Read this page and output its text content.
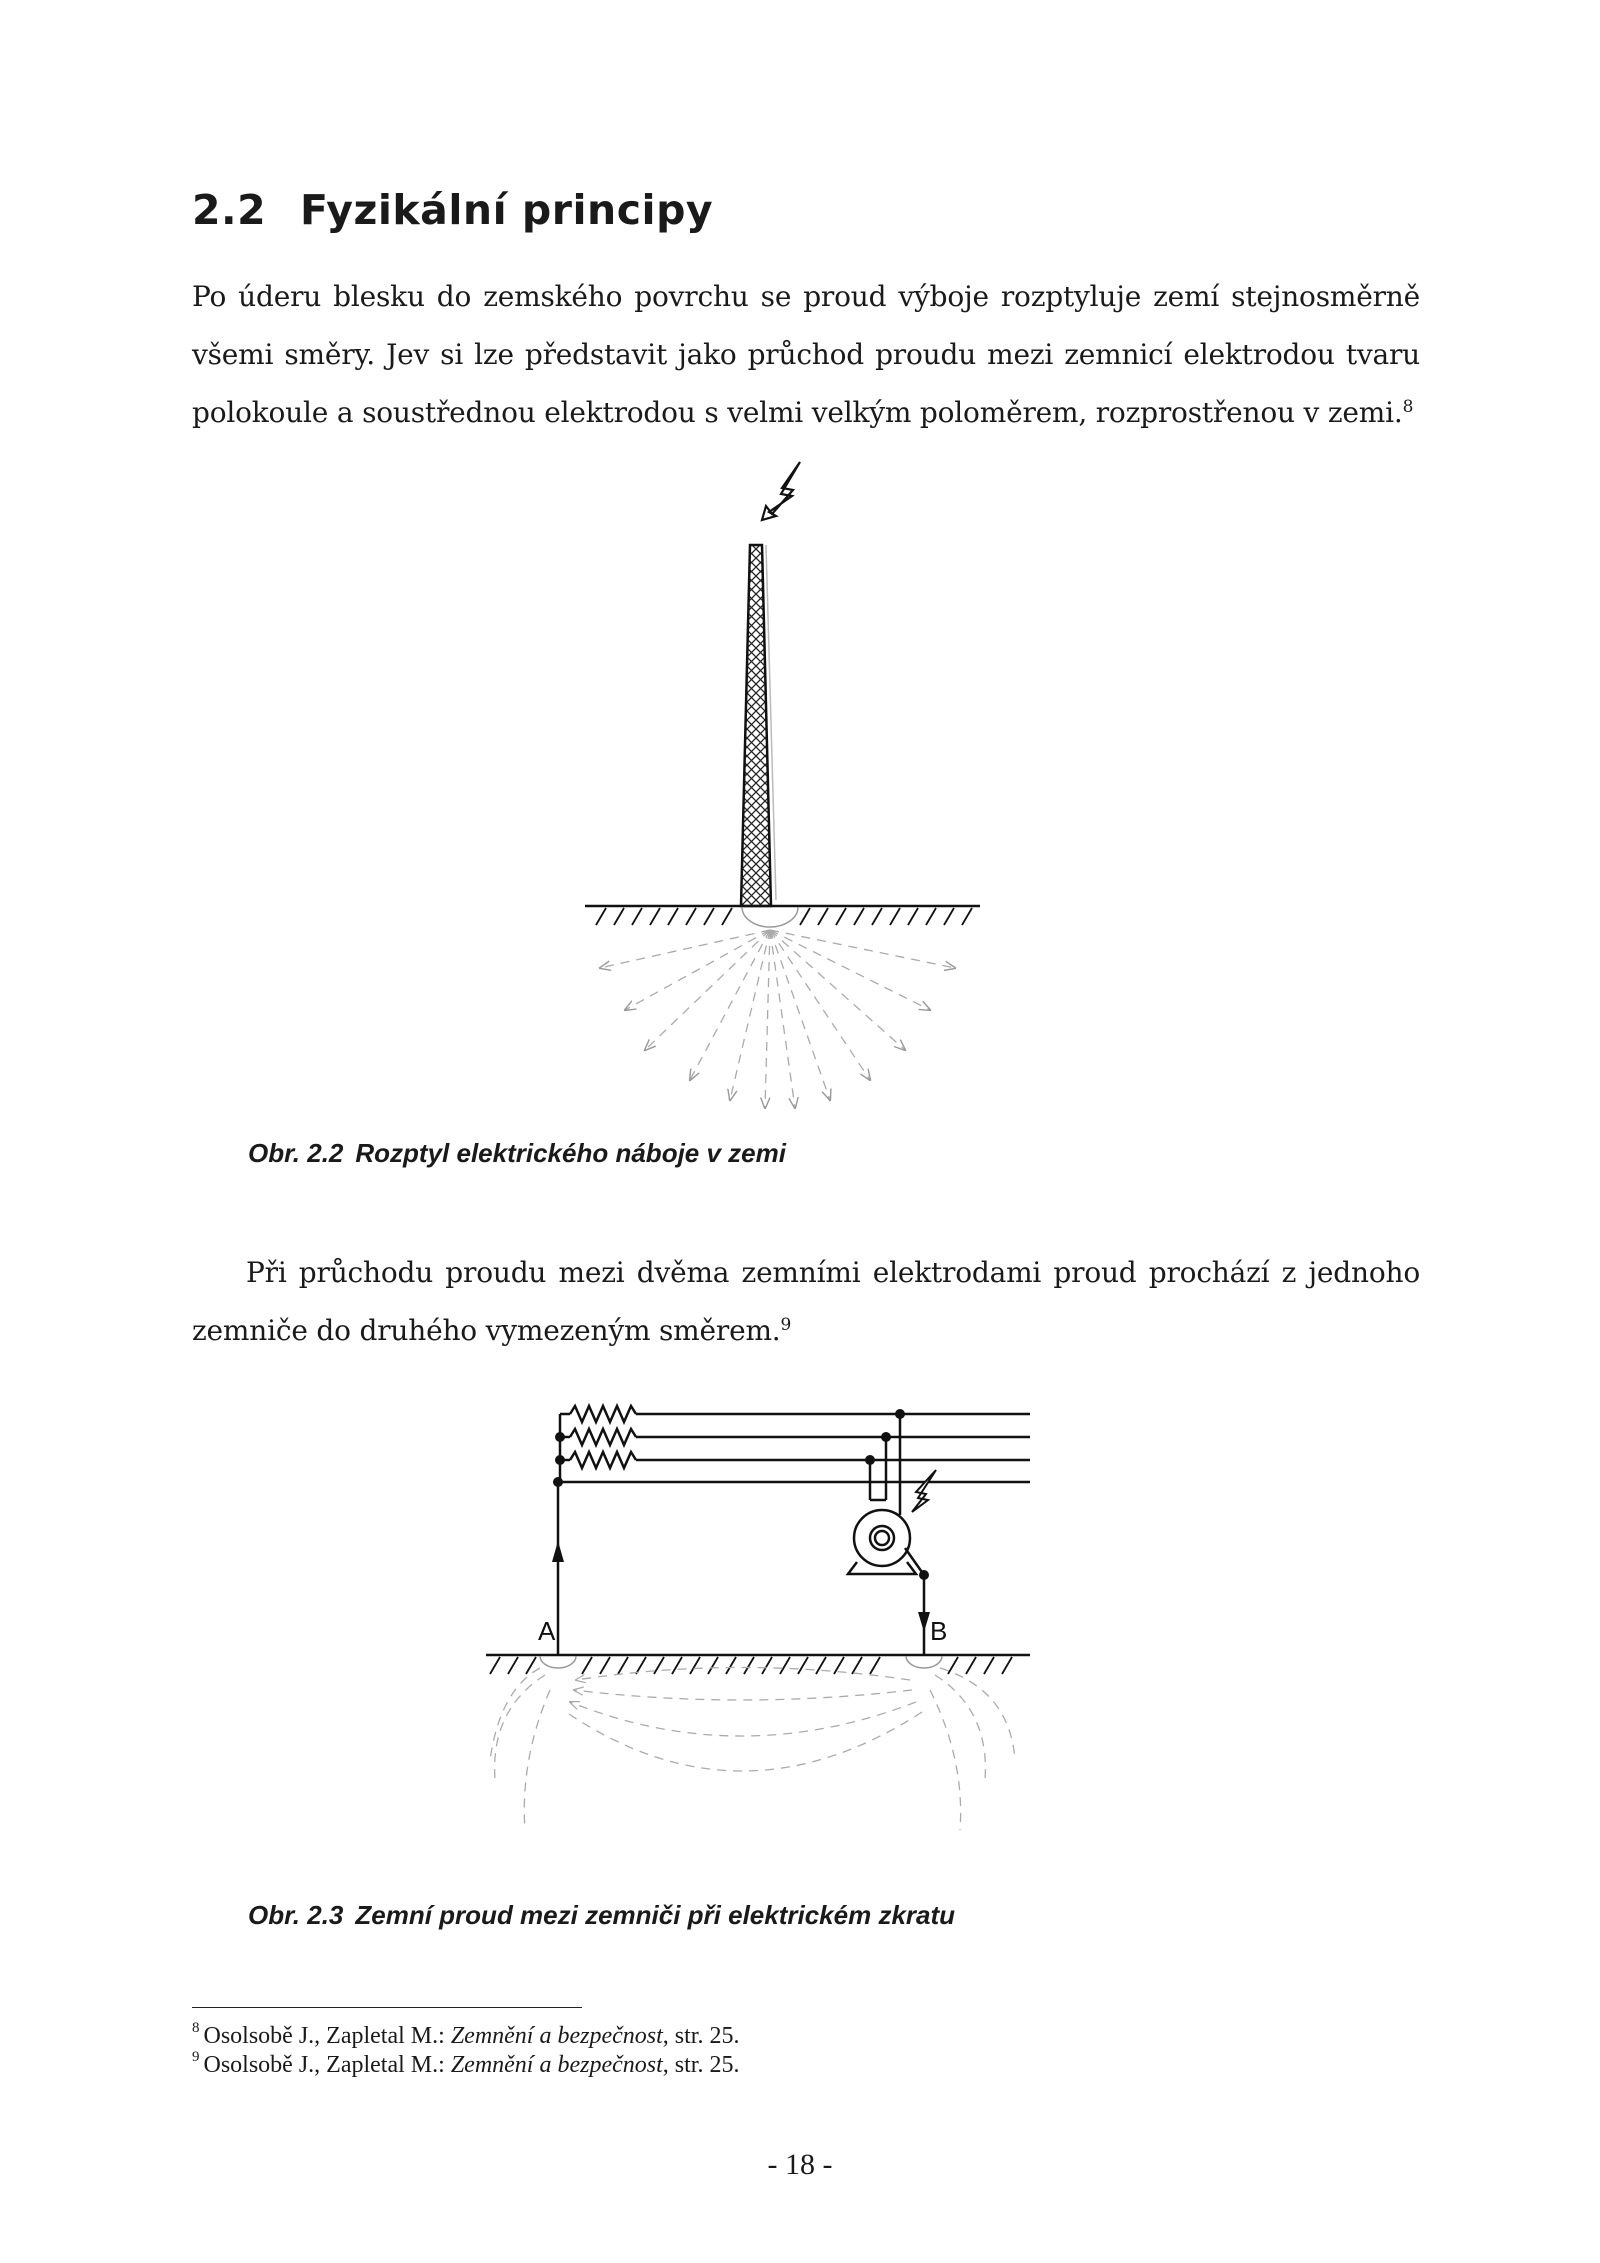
2.2 Fyzikální principy
Po úderu blesku do zemského povrchu se proud výboje rozptyluje zemí stejnosměrně všemi směry. Jev si lze představit jako průchod proudu mezi zemnicí elektrodou tvaru polokoule a soustřednou elektrodou s velmi velkým poloměrem, rozprostřenou v zemi.$^8$
Obr. 2.2 Rozptyl elektrického náboje v zemi
Při průchodu proudu mezi dvěma zemními elektrodami proud prochází z jednoho zemniče do druhého vymezeným směrem.$^9$
A	B
Obr. 2.3 Zemní proud mezi zemniči při elektrickém zkratu
$^8$ Osolsobě J., Zapletal M.: Zemnění a bezpečnost, str. 25.
$^9$ Osolsobě J., Zapletal M.: Zemnění a bezpečnost, str. 25.
- 18 -
